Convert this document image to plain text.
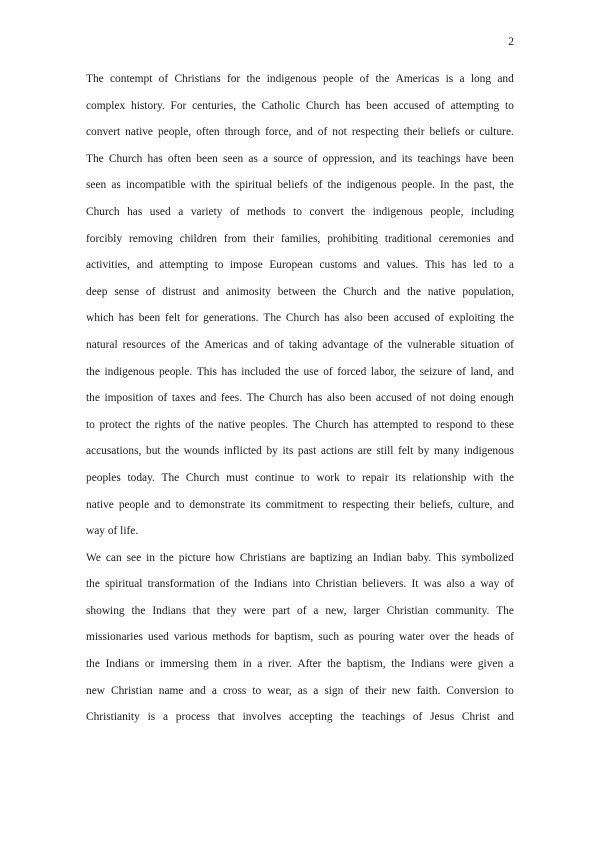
2
The contempt of Christians for the indigenous people of the Americas is a long and
complex history. For centuries, the Catholic Church has been accused of attempting to
convert native people, often through force, and of not respecting their beliefs or culture.
The Church has often been seen as a source of oppression, and its teachings have been
seen as incompatible with the spiritual beliefs of the indigenous people. In the past, the
Church has used a variety of methods to convert the indigenous people, including
forcibly removing children from their families, prohibiting traditional ceremonies and
activities, and attempting to impose European customs and values. This has led to a
deep sense of distrust and animosity between the Church and the native population,
which has been felt for generations. The Church has also been accused of exploiting the
natural resources of the Americas and of taking advantage of the vulnerable situation of
the indigenous people. This has included the use of forced labor, the seizure of land, and
the imposition of taxes and fees. The Church has also been accused of not doing enough
to protect the rights of the native peoples. The Church has attempted to respond to these
accusations, but the wounds inflicted by its past actions are still felt by many indigenous
peoples today. The Church must continue to work to repair its relationship with the
native people and to demonstrate its commitment to respecting their beliefs, culture, and
way of life.
We can see in the picture how Christians are baptizing an Indian baby. This symbolized
the spiritual transformation of the Indians into Christian believers. It was also a way of
showing the Indians that they were part of a new, larger Christian community. The
missionaries used various methods for baptism, such as pouring water over the heads of
the Indians or immersing them in a river. After the baptism, the Indians were given a
new Christian name and a cross to wear, as a sign of their new faith. Conversion to
Christianity is a process that involves accepting the teachings of Jesus Christ and
